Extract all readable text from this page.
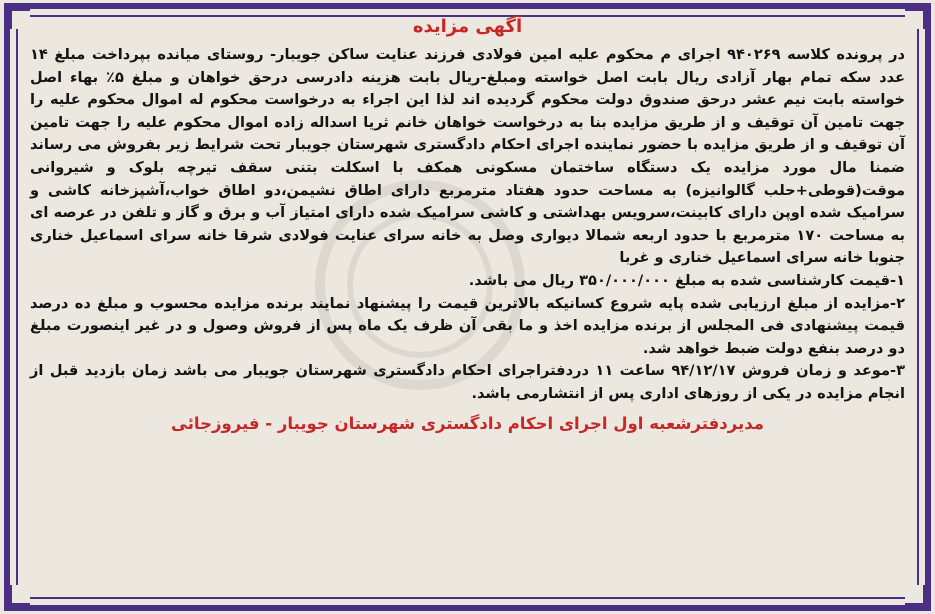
آگهی مزایده

در پرونده کلاسه ۹۴۰۲۶۹ اجرای م محکوم علیه امین فولادی فرزند عنایت ساکن جویبار- روستای میانده بپرداخت مبلغ ۱۴ عدد سکه تمام بهار آزادی ریال بابت اصل خواسته ومبلغ-ریال بابت هزینه دادرسی درحق خواهان و مبلغ ۵٪ بهاء اصل خواسته بابت نیم عشر درحق صندوق دولت محکوم گردیده اند لذا این اجراء به درخواست محکوم له اموال محکوم علیه را جهت تامین آن توقیف و از طریق مزایده بنا به درخواست خواهان خانم ثریا اسداله زاده اموال محکوم علیه را جهت تامین آن توقیف و از طریق مزایده با حضور نماینده اجرای احکام دادگستری شهرستان جویبار تحت شرایط زیر بفروش می رساند ضمنا مال مورد مزایده یک دستگاه ساختمان مسکونی همکف با اسکلت بتنی سقف تیرچه بلوک و شیروانی موقت(قوطی+حلب گالوانیزه) به مساحت حدود هفتاد مترمربع دارای اطاق نشیمن،دو اطاق خواب،آشپزخانه کاشی و سرامیک شده اوپن دارای کابینت،سرویس بهداشتی و کاشی سرامیک شده دارای امتیاز آب و برق و گاز و تلفن در عرصه ای به مساحت ۱۷۰ مترمربع با حدود اربعه شمالا دیواری وصل به خانه سرای عنایت فولادی شرقا خانه سرای اسماعیل خناری جنوبا خانه سرای اسماعیل خناری و غربا

۱-قیمت کارشناسی شده به مبلغ ۳۵۰/۰۰۰/۰۰۰ ریال می باشد.

۲-مزایده از مبلغ ارزیابی شده پایه شروع کسانیکه بالاترین قیمت را پیشنهاد نمایند برنده مزایده محسوب و مبلغ ده درصد قیمت پیشنهادی فی المجلس از برنده مزایده اخذ و ما بقی آن ظرف یک ماه پس از فروش وصول و در غیر اینصورت مبلغ دو درصد بنفع دولت ضبط خواهد شد.

۳-موعد و زمان فروش ۹۴/۱۲/۱۷ ساعت ۱۱ دردفتراجرای احکام دادگستری شهرستان جویبار می باشد زمان بازدید قبل از انجام مزایده در یکی از روزهای اداری پس از انتشارمی باشد.

مدیردفترشعبه اول اجرای احکام دادگستری شهرستان جویبار - فیروزجائی
